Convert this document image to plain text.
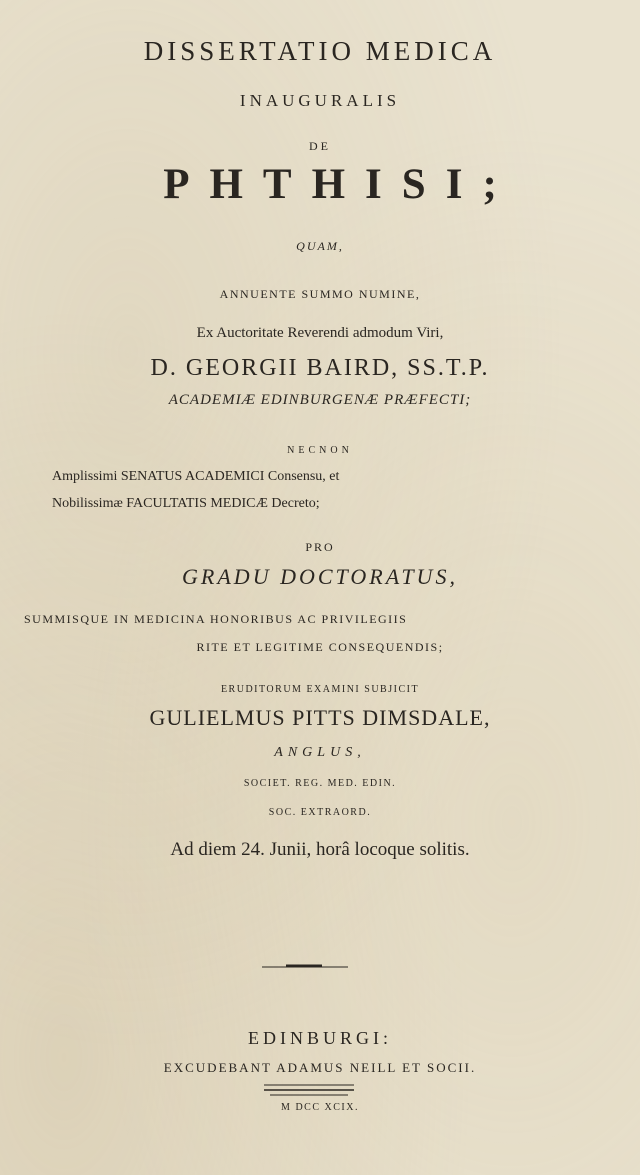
DISSERTATIO MEDICA
INAUGURALIS
DE
PHTHISI;
QUAM,
ANNUENTE SUMMO NUMINE,
Ex Auctoritate Reverendi admodum Viri,
D. GEORGII BAIRD, SS.T.P.
ACADEMIÆ EDINBURGENÆ PRÆFECTI;
NECNON
Amplissimi SENATUS ACADEMICI Consensu, et
Nobilissimæ FACULTATIS MEDICÆ Decreto;
PRO
GRADU DOCTORATUS,
SUMMISQUE IN MEDICINA HONORIBUS AC PRIVILEGIIS
RITE ET LEGITIME CONSEQUENDIS;
ERUDITORUM EXAMINI SUBJICIT
GULIELMUS PITTS DIMSDALE,
ANGLUS,
SOCIET. REG. MED. EDIN.
SOC. EXTRAORD.
Ad diem 24. Junii, horâ locoque solitis.
EDINBURGI:
EXCUDEBANT ADAMUS NEILL ET SOCII.
M DCC XCIX.
